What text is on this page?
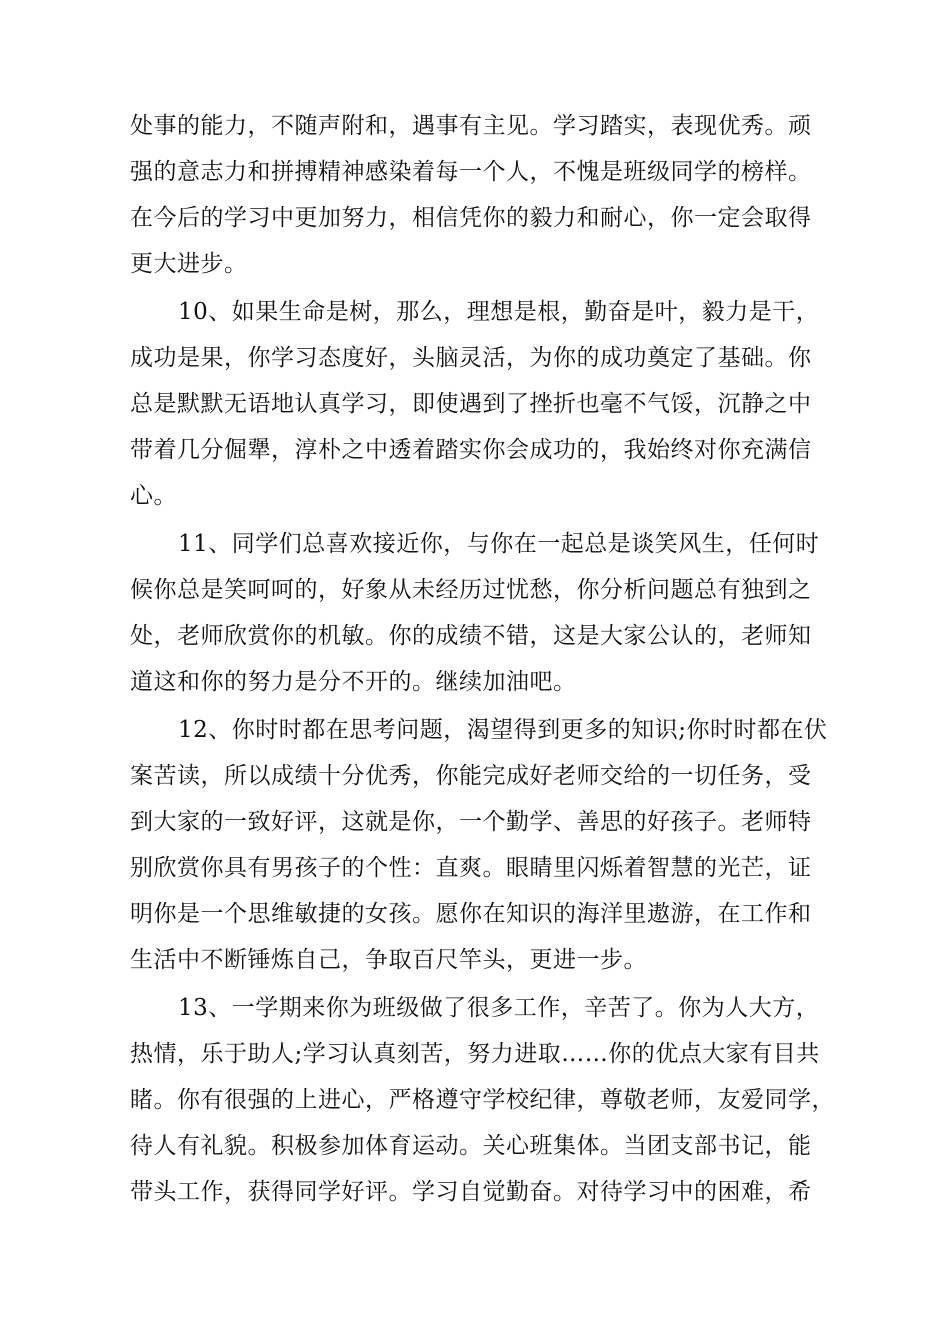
处事的能力，不随声附和，遇事有主见。学习踏实，表现优秀。顽

强的意志力和拼搏精神感染着每一个人，不愧是班级同学的榜样。

在今后的学习中更加努力，相信凭你的毅力和耐心，你一定会取得

更大进步。

10、如果生命是树，那么，理想是根，勤奋是叶，毅力是干，

成功是果，你学习态度好，头脑灵活，为你的成功奠定了基础。你

总是默默无语地认真学习，即使遇到了挫折也毫不气馁，沉静之中

带着几分倔犟，淳朴之中透着踏实你会成功的，我始终对你充满信

心。

11、同学们总喜欢接近你，与你在一起总是谈笑风生，任何时

候你总是笑呵呵的，好象从未经历过忧愁，你分析问题总有独到之

处，老师欣赏你的机敏。你的成绩不错，这是大家公认的，老师知

道这和你的努力是分不开的。继续加油吧。

12、你时时都在思考问题，渴望得到更多的知识;你时时都在伏

案苦读，所以成绩十分优秀，你能完成好老师交给的一切任务，受

到大家的一致好评，这就是你，一个勤学、善思的好孩子。老师特

别欣赏你具有男孩子的个性：直爽。眼睛里闪烁着智慧的光芒，证

明你是一个思维敏捷的女孩。愿你在知识的海洋里遨游，在工作和

生活中不断锤炼自己，争取百尺竿头，更进一步。

13、一学期来你为班级做了很多工作，辛苦了。你为人大方，

热情，乐于助人;学习认真刻苦，努力进取……你的优点大家有目共

睹。你有很强的上进心，严格遵守学校纪律，尊敬老师，友爱同学，

待人有礼貌。积极参加体育运动。关心班集体。当团支部书记，能

带头工作，获得同学好评。学习自觉勤奋。对待学习中的困难，希
